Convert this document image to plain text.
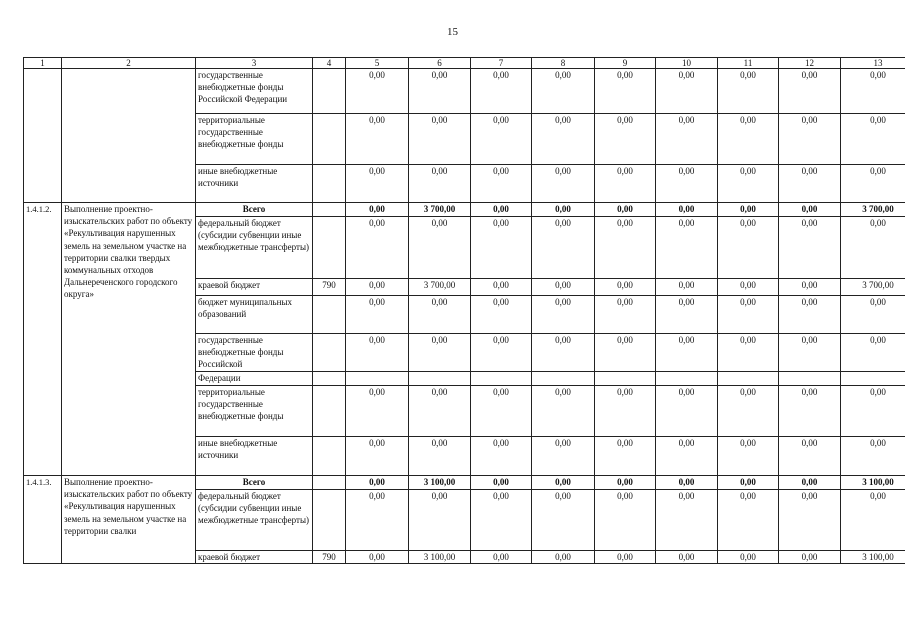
15
1	2	3	4	5	6	7	8	9	10	11	12	13
		государственные внебюджетные фонды Российской Федерации		0,00	0,00	0,00	0,00	0,00	0,00	0,00	0,00	0,00
		территориальные государственные внебюджетные фонды		0,00	0,00	0,00	0,00	0,00	0,00	0,00	0,00	0,00
		иные внебюджетные источники		0,00	0,00	0,00	0,00	0,00	0,00	0,00	0,00	0,00
1.4.1.2.	Выполнение проектно-изыскательских работ по объекту «Рекультивация нарушенных земель на земельном участке на территории свалки твердых коммунальных отходов Дальнереченского городского округа»	Всего		0,00	3 700,00	0,00	0,00	0,00	0,00	0,00	0,00	3 700,00
		федеральный бюджет (субсидии субвенции иные межбюджетные трансферты)		0,00	0,00	0,00	0,00	0,00	0,00	0,00	0,00	0,00
		краевой бюджет	790	0,00	3 700,00	0,00	0,00	0,00	0,00	0,00	0,00	3 700,00
		бюджет муниципальных образований		0,00	0,00	0,00	0,00	0,00	0,00	0,00	0,00	0,00
		государственные внебюджетные фонды Российской		0,00	0,00	0,00	0,00	0,00	0,00	0,00	0,00	0,00
		Федерации										
		территориальные государственные внебюджетные фонды		0,00	0,00	0,00	0,00	0,00	0,00	0,00	0,00	0,00
		иные внебюджетные источники		0,00	0,00	0,00	0,00	0,00	0,00	0,00	0,00	0,00
1.4.1.3.	Выполнение проектно-изыскательских работ по объекту «Рекультивация нарушенных земель на земельном участке на территории свалки	Всего		0,00	3 100,00	0,00	0,00	0,00	0,00	0,00	0,00	3 100,00
		федеральный бюджет (субсидии субвенции иные межбюджетные трансферты)		0,00	0,00	0,00	0,00	0,00	0,00	0,00	0,00	0,00
		краевой бюджет	790	0,00	3 100,00	0,00	0,00	0,00	0,00	0,00	0,00	3 100,00
